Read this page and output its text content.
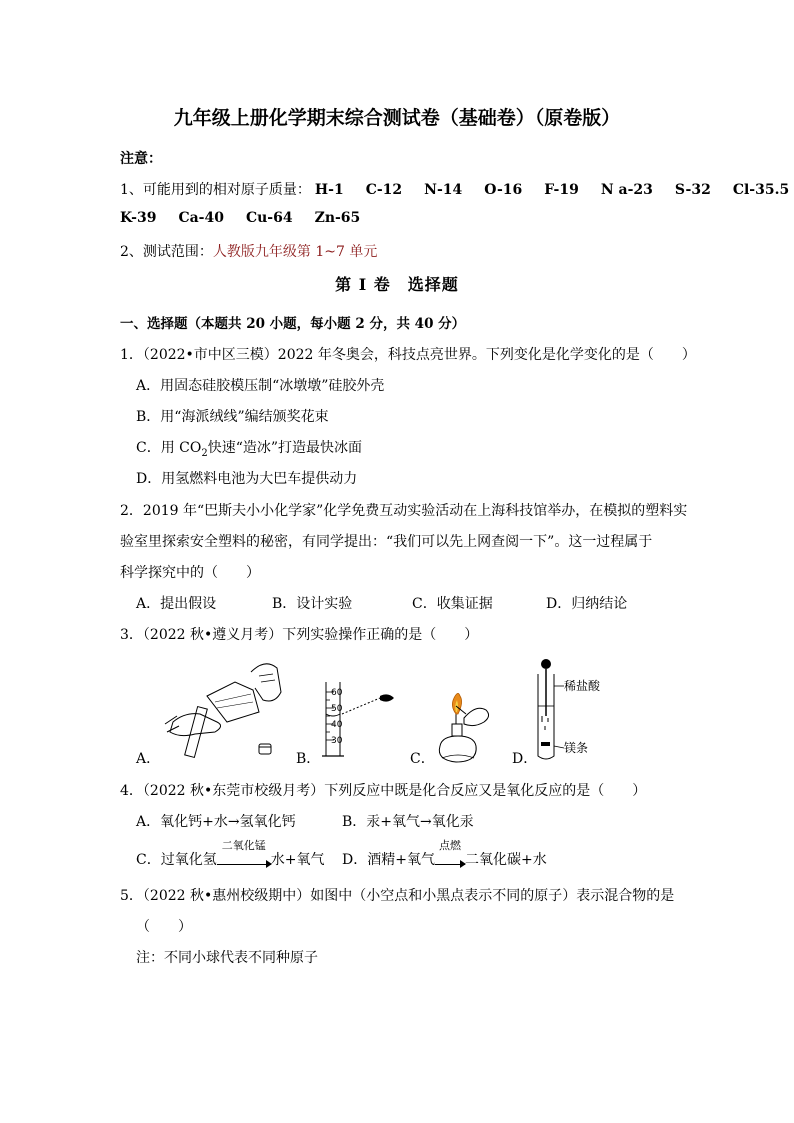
九年级上册化学期末综合测试卷（基础卷）（原卷版）
注意：
1、可能用到的相对原子质量： H-1 C-12 N-14 O-16 F-19 N a-23 S-32 Cl-35.5
K-39 Ca-40 Cu-64 Zn-65
2、测试范围：人教版九年级第 1~7 单元
第 I 卷　选择题
一、选择题（本题共 20 小题，每小题 2 分，共 40 分）
1．（2022•市中区三模）2022 年冬奥会，科技点亮世界。下列变化是化学变化的是（　　）
A．用固态硅胶模压制“冰墩墩”硅胶外壳
B．用“海派绒线”编结颁奖花束
C．用 $CO_2$快速“造冰”打造最快冰面
D．用氢燃料电池为大巴车提供动力
2．2019 年“巴斯夫小小化学家”化学免费互动实验活动在上海科技馆举办，在模拟的塑料实
验室里探索安全塑料的秘密，有同学提出：“我们可以先上网查阅一下”。这一过程属于
科学探究中的（　　）
A．提出假设	B．设计实验	C．收集证据	D．归纳结论
3．（2022 秋•遵义月考）下列实验操作正确的是（　　）
A．	B．	C．	D．
60
50
40
30
稀盐酸
镁条
4．（2022 秋•东莞市校级月考）下列反应中既是化合反应又是氧化反应的是（　　）
A．氧化钙+水→氢氧化钙	B．汞+氧气→氧化汞
C．过氧化氢
二氧化锰
水+氧气 D．酒精+氧气
点燃
二氧化碳+水
5．（2022 秋•惠州校级期中）如图中（小空点和小黑点表示不同的原子）表示混合物的是
（　　）
注：不同小球代表不同种原子
